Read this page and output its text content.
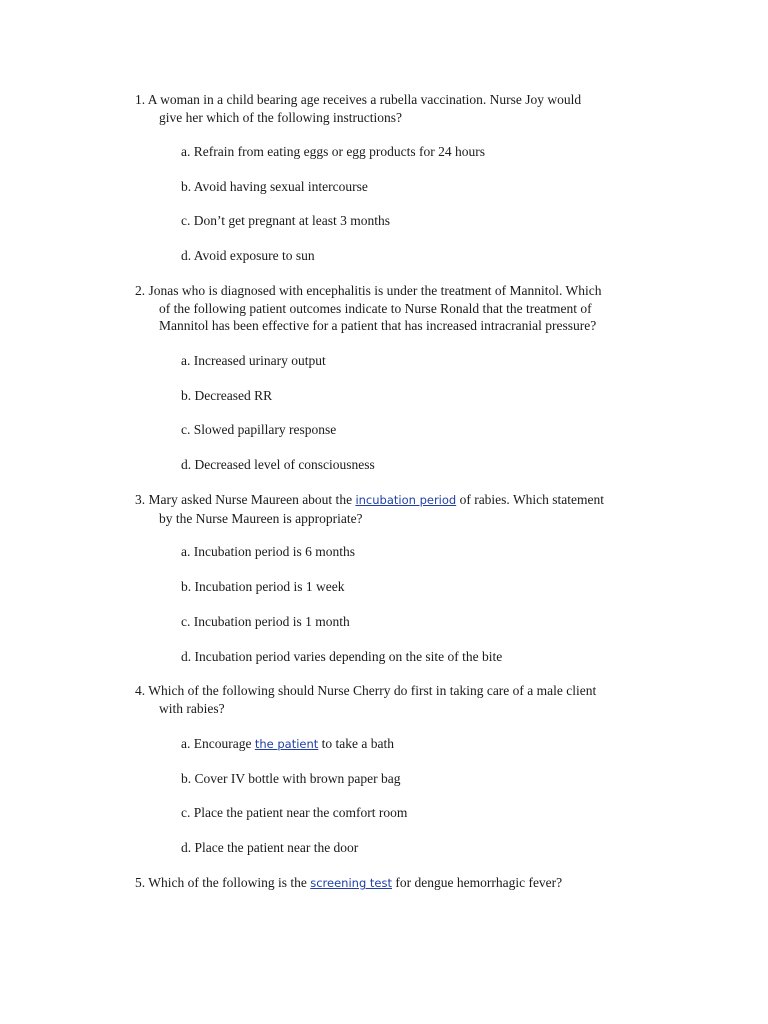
1. A woman in a child bearing age receives a rubella vaccination. Nurse Joy would
give her which of the following instructions?
a. Refrain from eating eggs or egg products for 24 hours
b. Avoid having sexual intercourse
c. Don’t get pregnant at least 3 months
d. Avoid exposure to sun
2. Jonas who is diagnosed with encephalitis is under the treatment of Mannitol. Which
of the following patient outcomes indicate to Nurse Ronald that the treatment of
Mannitol has been effective for a patient that has increased intracranial pressure?
a. Increased urinary output
b. Decreased RR
c. Slowed papillary response
d. Decreased level of consciousness
3. Mary asked Nurse Maureen about the incubation period of rabies. Which statement
by the Nurse Maureen is appropriate?
a. Incubation period is 6 months
b. Incubation period is 1 week
c. Incubation period is 1 month
d. Incubation period varies depending on the site of the bite
4. Which of the following should Nurse Cherry do first in taking care of a male client
with rabies?
a. Encourage the patient to take a bath
b. Cover IV bottle with brown paper bag
c. Place the patient near the comfort room
d. Place the patient near the door
5. Which of the following is the screening test for dengue hemorrhagic fever?
